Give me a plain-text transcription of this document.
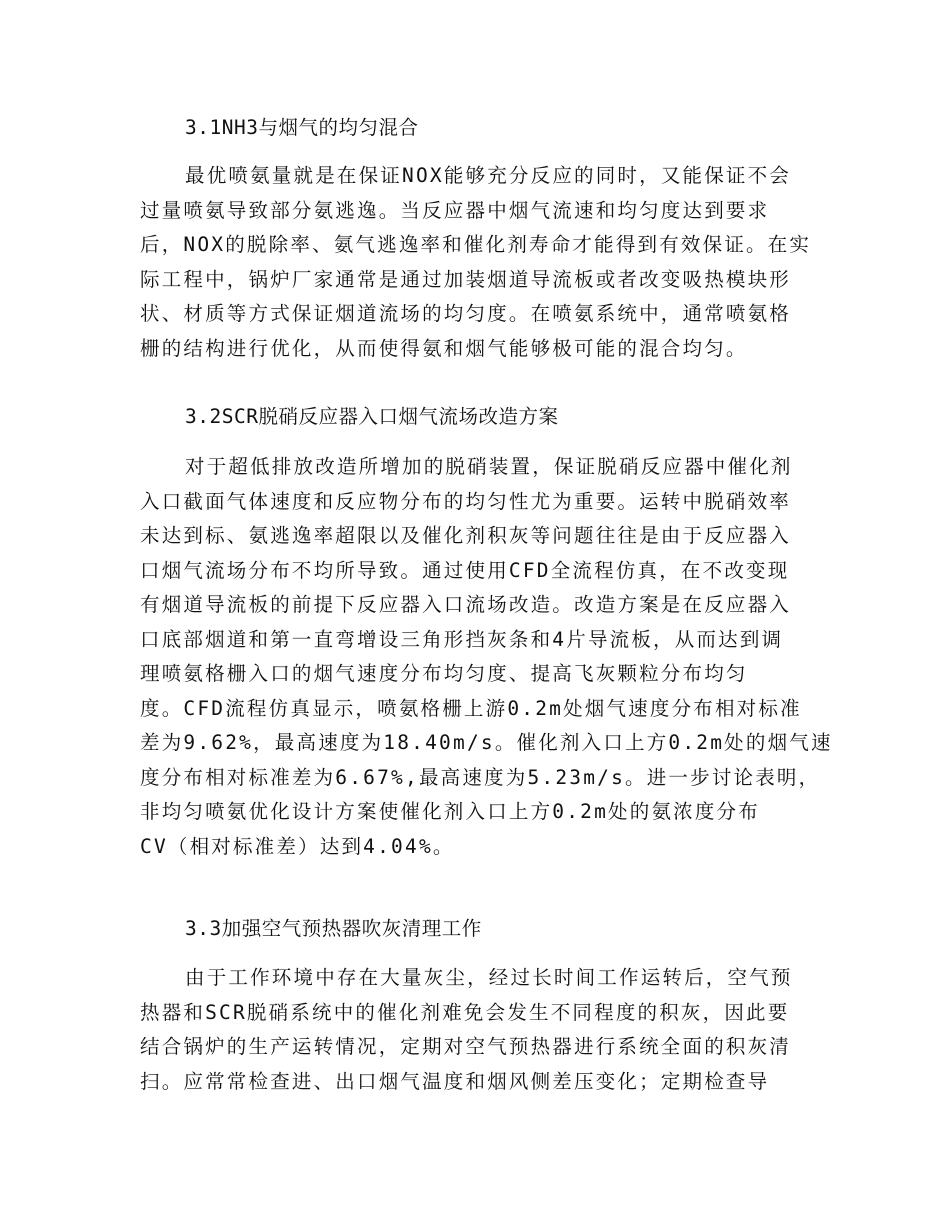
3.1NH3与烟气的均匀混合
最优喷氨量就是在保证NOX能够充分反应的同时，又能保证不会
过量喷氨导致部分氨逃逸。当反应器中烟气流速和均匀度达到要求
后，NOX的脱除率、氨气逃逸率和催化剂寿命才能得到有效保证。在实
际工程中，锅炉厂家通常是通过加装烟道导流板或者改变吸热模块形
状、材质等方式保证烟道流场的均匀度。在喷氨系统中，通常喷氨格
栅的结构进行优化，从而使得氨和烟气能够极可能的混合均匀。
3.2SCR脱硝反应器入口烟气流场改造方案
对于超低排放改造所增加的脱硝装置，保证脱硝反应器中催化剂
入口截面气体速度和反应物分布的均匀性尤为重要。运转中脱硝效率
未达到标、氨逃逸率超限以及催化剂积灰等问题往往是由于反应器入
口烟气流场分布不均所导致。通过使用CFD全流程仿真，在不改变现
有烟道导流板的前提下反应器入口流场改造。改造方案是在反应器入
口底部烟道和第一直弯增设三角形挡灰条和4片导流板，从而达到调
理喷氨格栅入口的烟气速度分布均匀度、提高飞灰颗粒分布均匀
度。CFD流程仿真显示，喷氨格栅上游0.2m处烟气速度分布相对标准
差为9.62%，最高速度为18.40m/s。催化剂入口上方0.2m处的烟气速
度分布相对标准差为6.67%,最高速度为5.23m/s。进一步讨论表明，
非均匀喷氨优化设计方案使催化剂入口上方0.2m处的氨浓度分布
CV（相对标准差）达到4.04%。
3.3加强空气预热器吹灰清理工作
由于工作环境中存在大量灰尘，经过长时间工作运转后，空气预
热器和SCR脱硝系统中的催化剂难免会发生不同程度的积灰，因此要
结合锅炉的生产运转情况，定期对空气预热器进行系统全面的积灰清
扫。应常常检查进、出口烟气温度和烟风侧差压变化；定期检查导
